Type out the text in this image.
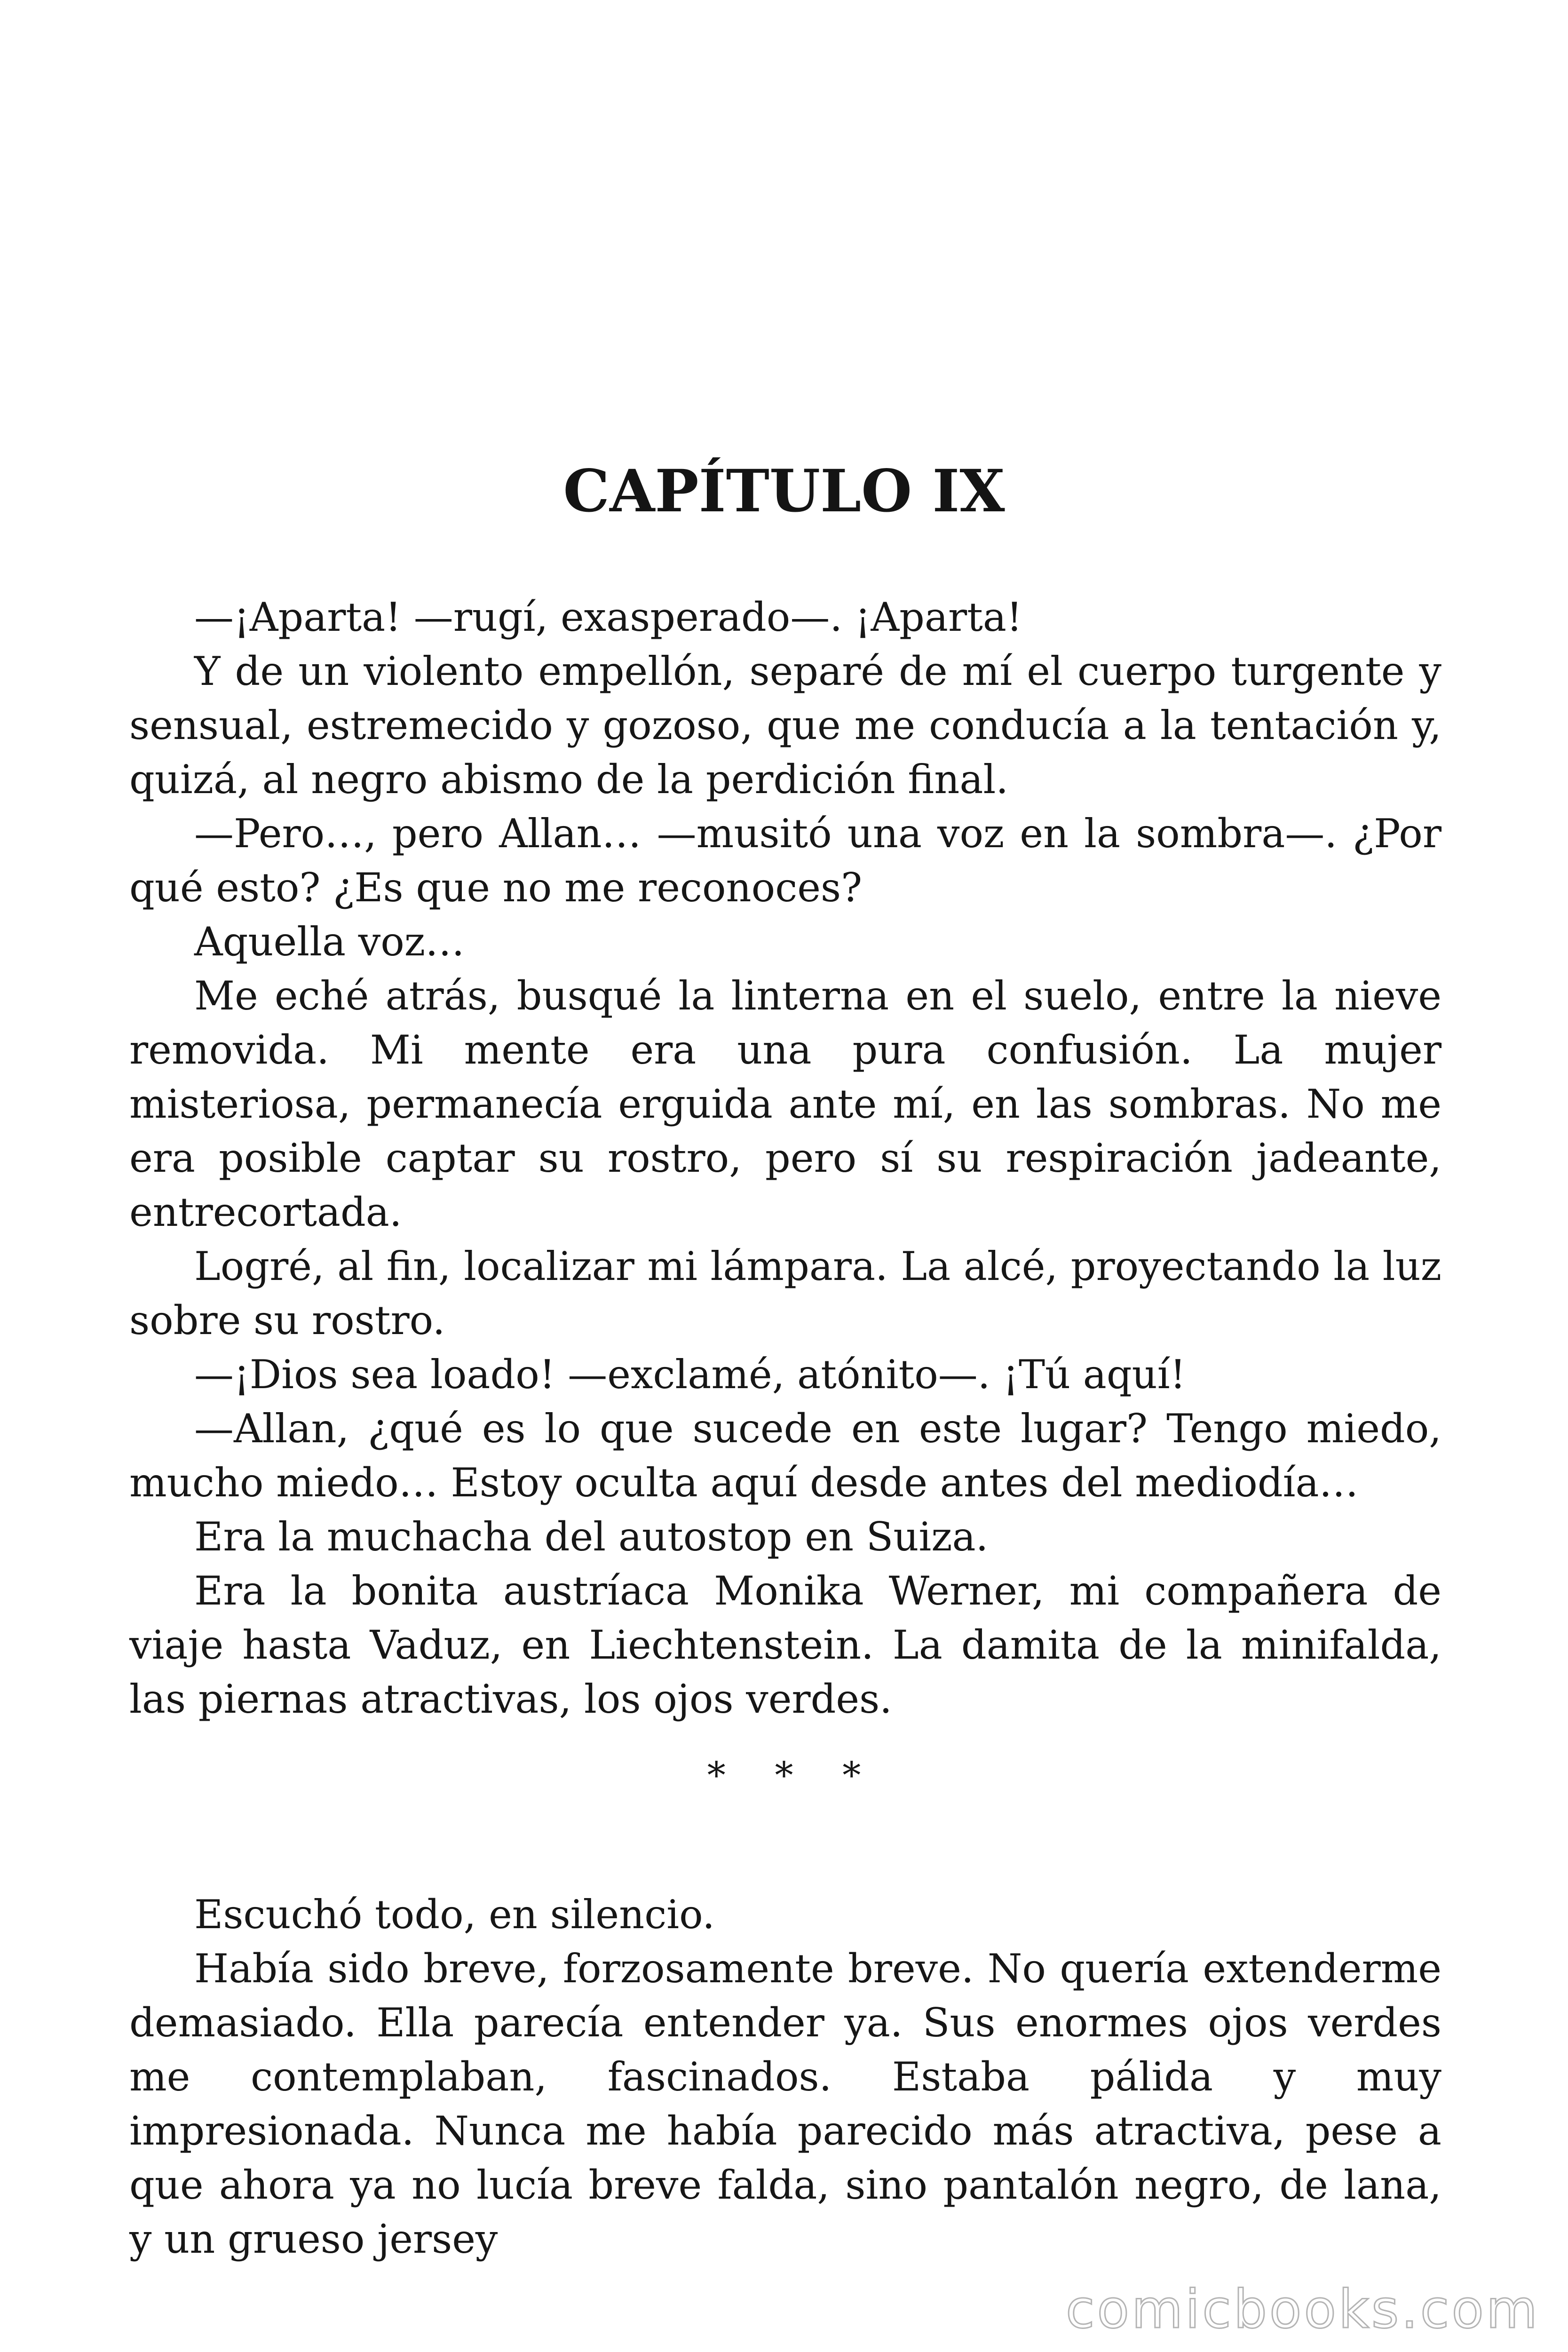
CAPÍTULO IX

—¡Aparta! —rugí, exasperado—. ¡Aparta!

Y de un violento empellón, separé de mí el cuerpo turgente y sensual, estremecido y gozoso, que me conducía a la tentación y, quizá, al negro abismo de la perdición final.

—Pero…, pero Allan… —musitó una voz en la sombra—. ¿Por qué esto? ¿Es que no me reconoces?

Aquella voz…

Me eché atrás, busqué la linterna en el suelo, entre la nieve removida. Mi mente era una pura confusión. La mujer misteriosa, permanecía erguida ante mí, en las sombras. No me era posible captar su rostro, pero sí su respiración jadeante, entrecortada.

Logré, al fin, localizar mi lámpara. La alcé, proyectando la luz sobre su rostro.

—¡Dios sea loado! —exclamé, atónito—. ¡Tú aquí!

—Allan, ¿qué es lo que sucede en este lugar? Tengo miedo, mucho miedo… Estoy oculta aquí desde antes del mediodía…

Era la muchacha del autostop en Suiza.

Era la bonita austríaca Monika Werner, mi compañera de viaje hasta Vaduz, en Liechtenstein. La damita de la minifalda, las piernas atractivas, los ojos verdes.

* * *

Escuchó todo, en silencio.

Había sido breve, forzosamente breve. No quería extenderme demasiado. Ella parecía entender ya. Sus enormes ojos verdes me contemplaban, fascinados. Estaba pálida y muy impresionada. Nunca me había parecido más atractiva, pese a que ahora ya no lucía breve falda, sino pantalón negro, de lana, y un grueso jersey

comicbooks.com
